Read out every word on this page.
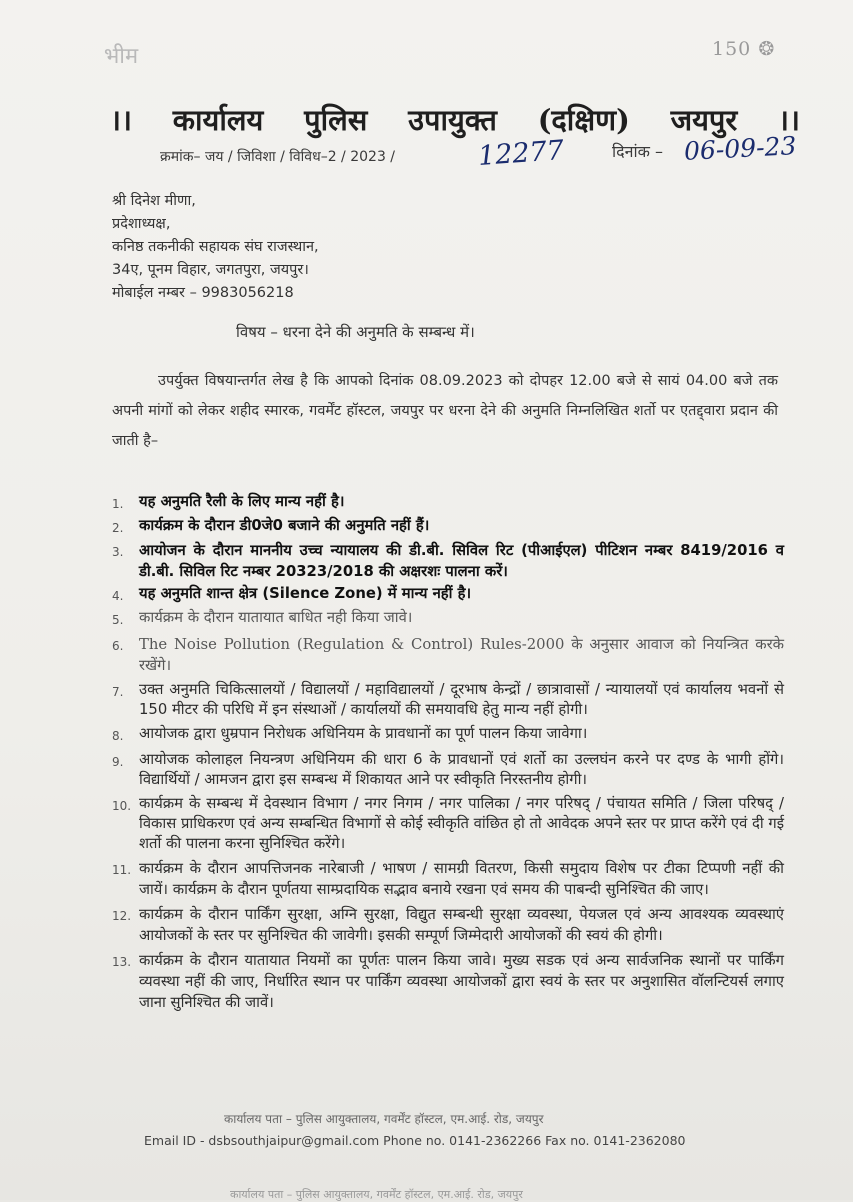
भीम
	150 ❂

।। कार्यालय पुलिस उपायुक्त (दक्षिण) जयपुर ।।
क्रमांक– जय / जिविशा / विविध–2 / 2023 /	12277	दिनांक – 06-09-23
श्री दिनेश मीणा,
प्रदेशाध्यक्ष,
कनिष्ठ तकनीकी सहायक संघ राजस्थान,
34ए, पूनम विहार, जगतपुरा, जयपुर।
मोबाईल नम्बर – 9983056218
विषय – धरना देने की अनुमति के सम्बन्ध में।
उपर्युक्त विषयान्तर्गत लेख है कि आपको दिनांक 08.09.2023 को दोपहर 12.00 बजे से सायं 04.00 बजे तक अपनी मांगों को लेकर शहीद स्मारक, गवर्मेंट हॉस्टल, जयपुर पर धरना देने की अनुमति निम्नलिखित शर्तो पर एतद्द्वारा प्रदान की जाती है–
1.	यह अनुमति रैली के लिए मान्य नहीं है।
2.	कार्यक्रम के दौरान डी0जे0 बजाने की अनुमति नहीं हैं।
3.	आयोजन के दौरान माननीय उच्च न्यायालय की डी.बी. सिविल रिट (पीआईएल) पीटिशन नम्बर 8419/2016 व डी.बी. सिविल रिट नम्बर 20323/2018 की अक्षरशः पालना करें।
4.	यह अनुमति शान्त क्षेत्र (Silence Zone) में मान्य नहीं है।
5.	कार्यक्रम के दौरान यातायात बाधित नही किया जावे।
6.	The Noise Pollution (Regulation & Control) Rules-2000 के अनुसार आवाज को नियन्त्रित करके रखेंगे।
7.	उक्त अनुमति चिकित्सालयों / विद्यालयों / महाविद्यालयों / दूरभाष केन्द्रों / छात्रावासों / न्यायालयों एवं कार्यालय भवनों से 150 मीटर की परिधि में इन संस्थाओं / कार्यालयों की समयावधि हेतु मान्य नहीं होगी।
8.	आयोजक द्वारा धुम्रपान निरोधक अधिनियम के प्रावधानों का पूर्ण पालन किया जावेगा।
9.	आयोजक कोलाहल नियन्त्रण अधिनियम की धारा 6 के प्रावधानों एवं शर्तो का उल्लघंन करने पर दण्ड के भागी होंगे। विद्यार्थियों / आमजन द्वारा इस सम्बन्ध में शिकायत आने पर स्वीकृति निरस्तनीय होगी।
10. कार्यक्रम के सम्बन्ध में देवस्थान विभाग / नगर निगम / नगर पालिका / नगर परिषद् / पंचायत समिति / जिला परिषद् / विकास प्राधिकरण एवं अन्य सम्बन्धित विभागों से कोई स्वीकृति वांछित हो तो आवेदक अपने स्तर पर प्राप्त करेंगे एवं दी गई शर्तो की पालना करना सुनिश्चित करेंगे।
11. कार्यक्रम के दौरान आपत्तिजनक नारेबाजी / भाषण / सामग्री वितरण, किसी समुदाय विशेष पर टीका टिप्पणी नहीं की जायें। कार्यक्रम के दौरान पूर्णतया साम्प्रदायिक सद्भाव बनाये रखना एवं समय की पाबन्दी सुनिश्चित की जाए।
12. कार्यक्रम के दौरान पार्किंग सुरक्षा, अग्नि सुरक्षा, विद्युत सम्बन्धी सुरक्षा व्यवस्था, पेयजल एवं अन्य आवश्यक व्यवस्थाएं आयोजकों के स्तर पर सुनिश्चित की जावेगी। इसकी सम्पूर्ण जिम्मेदारी आयोजकों की स्वयं की होगी।
13. कार्यक्रम के दौरान यातायात नियमों का पूर्णतः पालन किया जावे। मुख्य सडक एवं अन्य सार्वजनिक स्थानों पर पार्किंग व्यवस्था नहीं की जाए, निर्धारित स्थान पर पार्किंग व्यवस्था आयोजकों द्वारा स्वयं के स्तर पर अनुशासित वॉलन्टियर्स लगाए जाना सुनिश्चित की जावें।
कार्यालय पता – पुलिस आयुक्तालय, गवर्मेंट हॉस्टल, एम.आई. रोड, जयपुर
Email ID - dsbsouthjaipur@gmail.com Phone no. 0141-2362266 Fax no. 0141-2362080
कार्यालय पता – पुलिस आयुक्तालय, गवर्मेंट हॉस्टल, एम.आई. रोड, जयपुर
